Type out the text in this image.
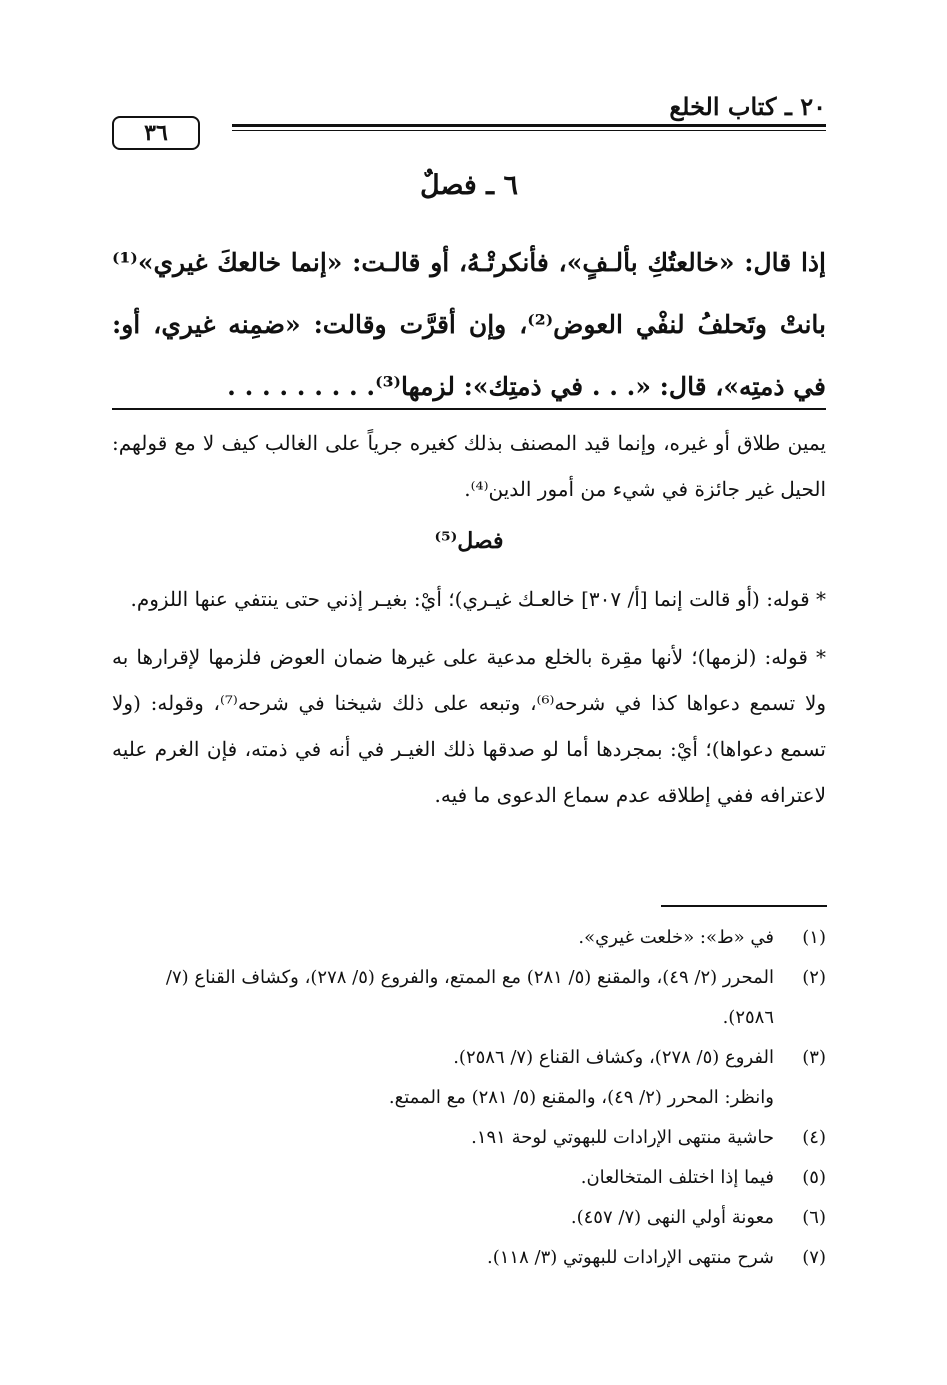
٢٠ ـ كتاب الخلع
٣٦
٦ ـ فصلٌ

إذا قال: «خالعتُكِ بألـفٍ»، فأنكرتْـهُ، أو قالـت: «إنما خالعكَ غيري»⁽¹⁾ بانتْ وتَحلفُ لنفْي العوض⁽²⁾، وإن أقرَّت وقالت: «ضمِنه غيري، أو: في ذمتِه»، قال: «. . . في ذمتِك»: لزمها⁽³⁾. . . . . . . . .

يمين طلاق أو غيره، وإنما قيد المصنف بذلك كغيره جرياً على الغالب كيف لا مع قولهم: الحيل غير جائزة في شيء من أمور الدين⁽⁴⁾.

فصل⁽⁵⁾

* قوله: (أو قالت إنما [أ/ ٣٠٧] خالعـك غيـري)؛ أيْ: بغيـر إذني حتى ينتفي عنها اللزوم.

* قوله: (لزمها)؛ لأنها مقِرة بالخلع مدعية على غيرها ضمان العوض فلزمها لإقرارها به ولا تسمع دعواها كذا في شرحه⁽⁶⁾، وتبعه على ذلك شيخنا في شرحه⁽⁷⁾، وقوله: (ولا تسمع دعواها)؛ أيْ: بمجردها أما لو صدقها ذلك الغيـر في أنه في ذمته، فإن الغرم عليه لاعترافه ففي إطلاقه عدم سماع الدعوى ما فيه.

(١)
في «ط»: «خلعت غيري».
(٢)
المحرر (٢/ ٤٩)، والمقنع (٥/ ٢٨١) مع الممتع، والفروع (٥/ ٢٧٨)، وكشاف القناع (٧/ ٢٥٨٦).
(٣)
الفروع (٥/ ٢٧٨)، وكشاف القناع (٧/ ٢٥٨٦).
وانظر: المحرر (٢/ ٤٩)، والمقنع (٥/ ٢٨١) مع الممتع.
(٤)
حاشية منتهى الإرادات للبهوتي لوحة ١٩١.
(٥)
فيما إذا اختلف المتخالعان.
(٦)
معونة أولي النهى (٧/ ٤٥٧).
(٧)
شرح منتهى الإرادات للبهوتي (٣/ ١١٨).
